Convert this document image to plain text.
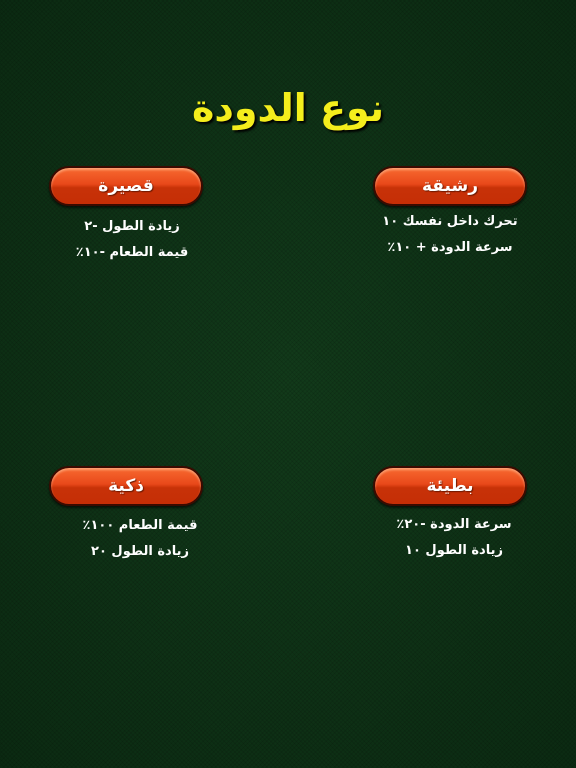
نوع الدودة
رشيقة
تحرك داخل نفسك ١٠
سرعة الدودة + ١٠٪
قصيرة
زيادة الطول -٢
قيمة الطعام -١٠٪
بطيئة
سرعة الدودة -٢٠٪
زيادة الطول ١٠
ذكية
قيمة الطعام ١٠٠٪
زيادة الطول ٢٠
